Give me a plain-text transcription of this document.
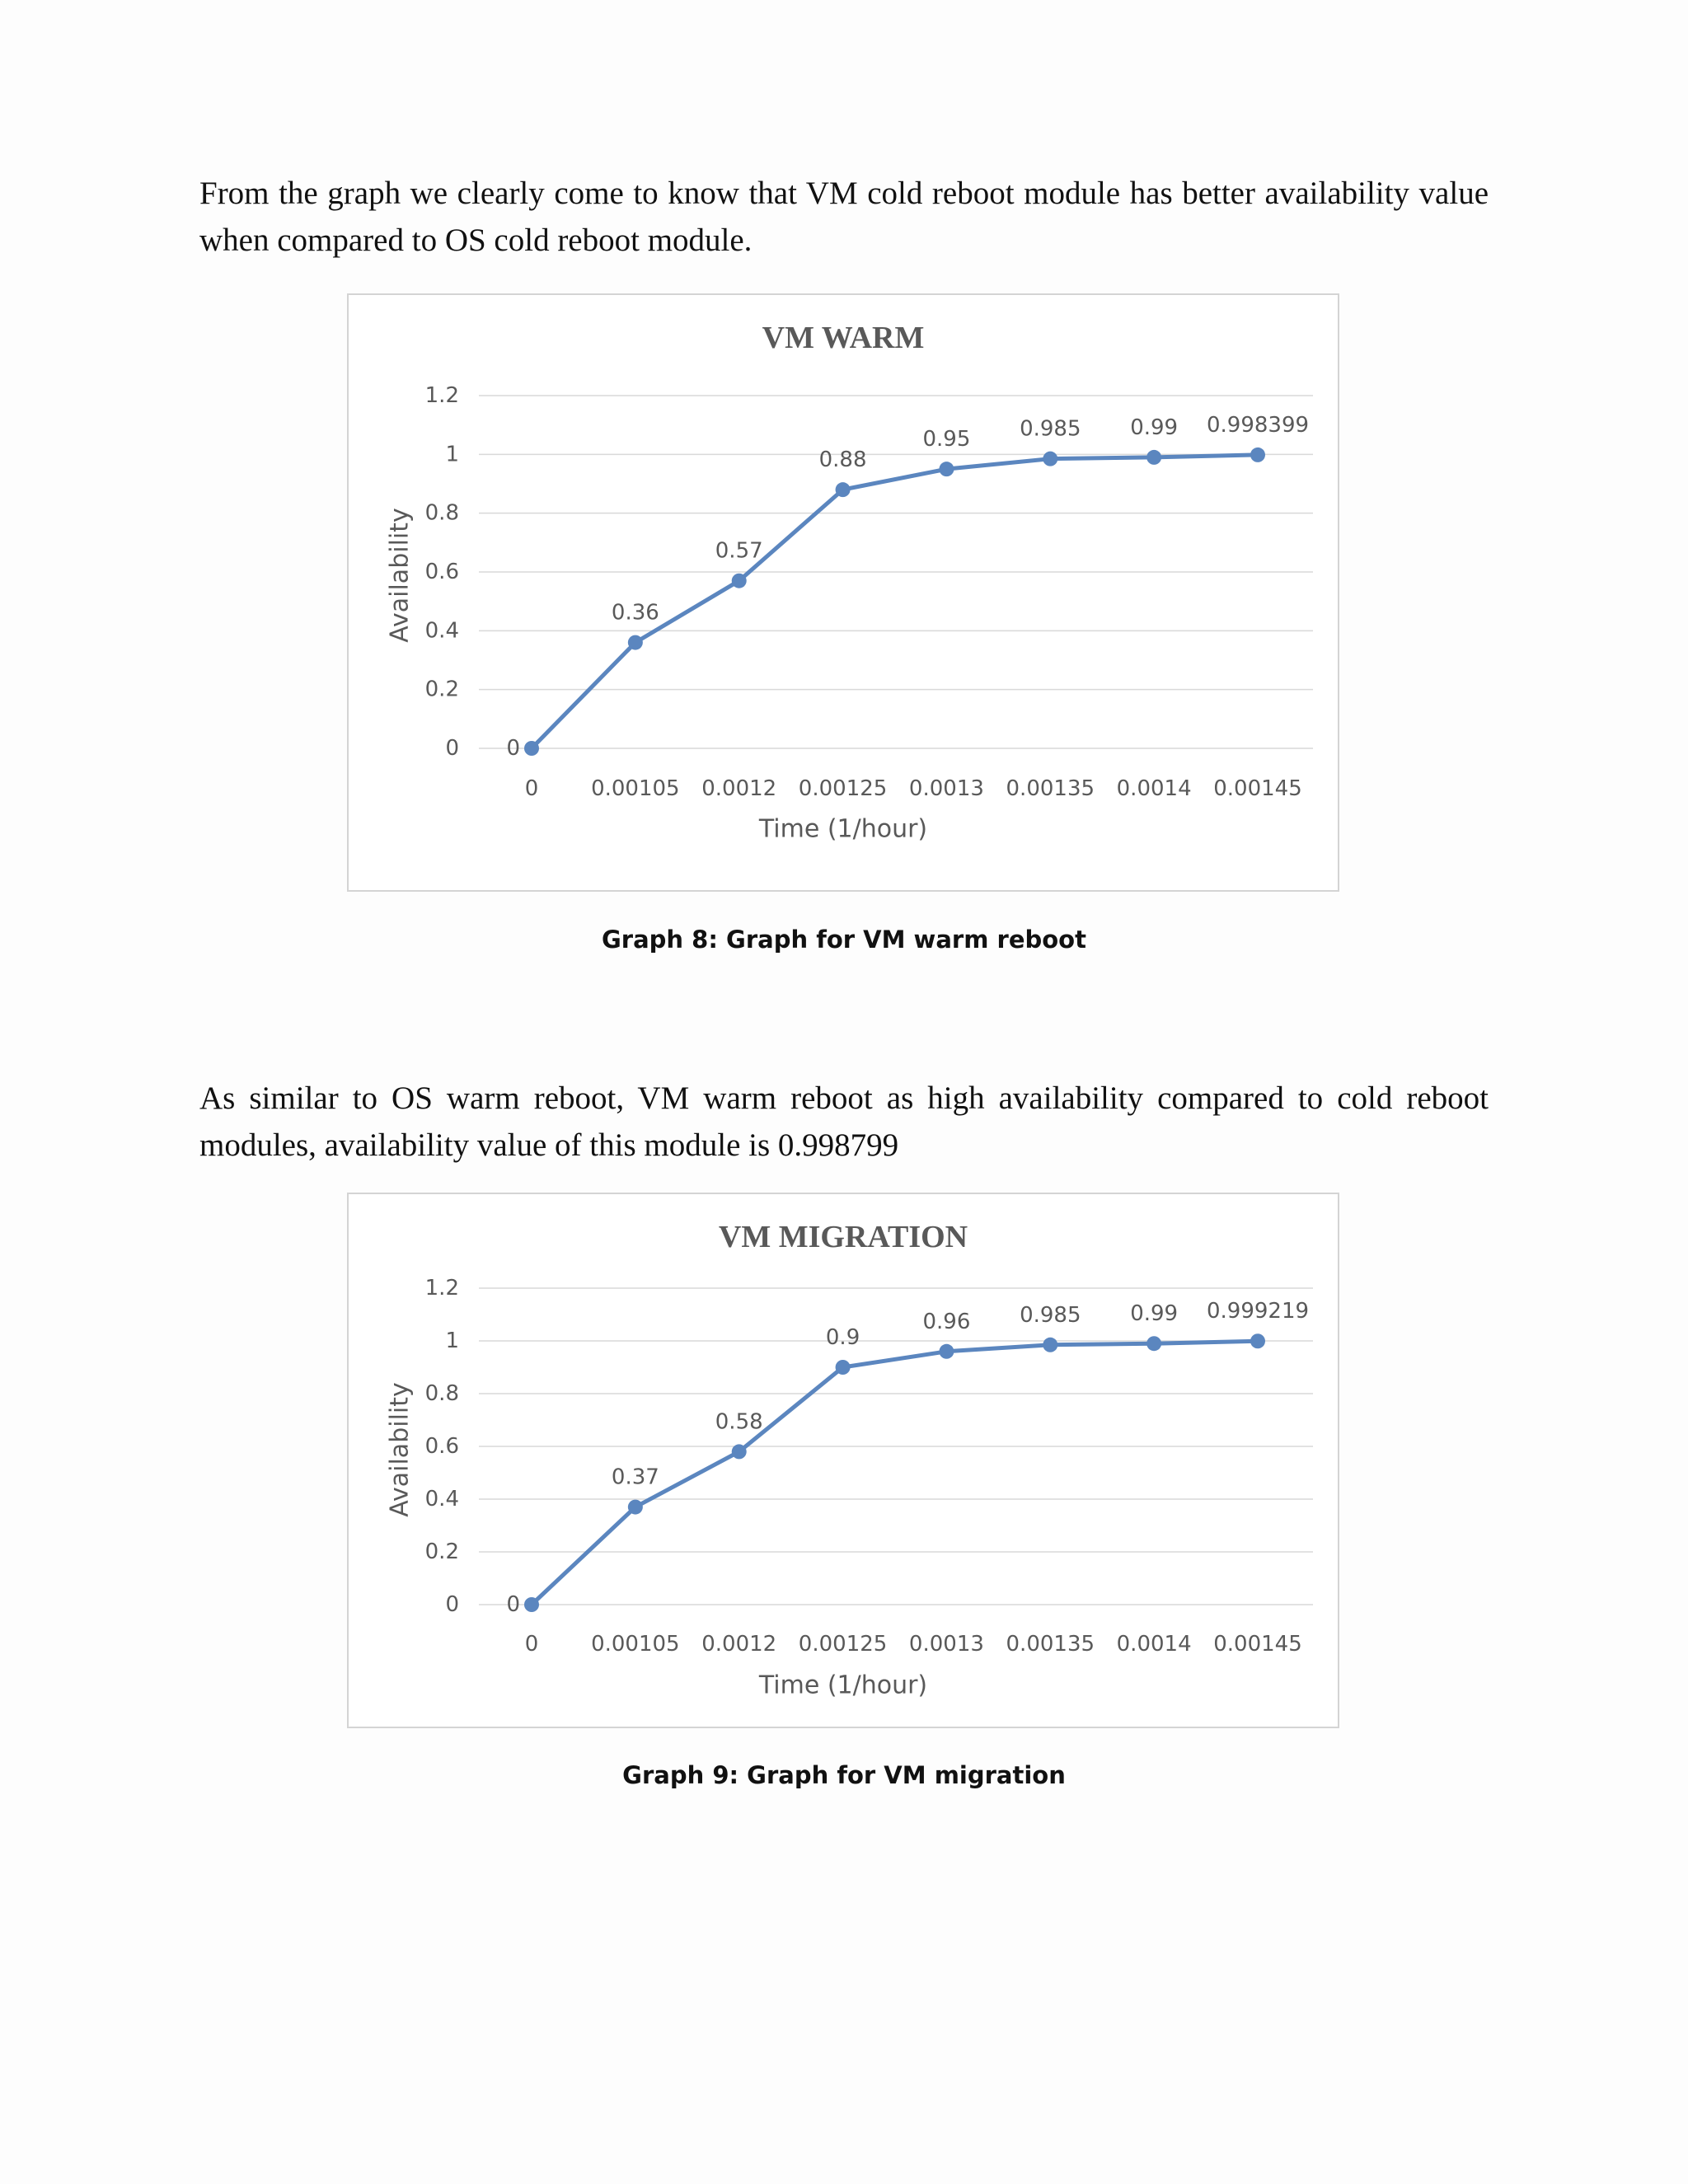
From the graph we clearly come to know that VM cold reboot module has better availability value when compared to OS cold reboot module.

VM WARM
0
0.2
0.4
0.6
0.8
1
1.2
0 0.00105 0.0012 0.00125 0.0013 0.00135 0.0014 0.00145
Time (1/hour)
Availability
0
0.36
0.57
0.88
0.95 0.985 0.99 0.998399

Graph 8: Graph for VM warm reboot

As similar to OS warm reboot, VM warm reboot as high availability compared to cold reboot modules, availability value of this module is 0.998799

VM MIGRATION
0
0.2
0.4
0.6
0.8
1
1.2
0 0.00105 0.0012 0.00125 0.0013 0.00135 0.0014 0.00145
Time (1/hour)
Availability
0
0.37
0.58
0.9
0.96 0.985 0.99 0.999219

Graph 9: Graph for VM migration
